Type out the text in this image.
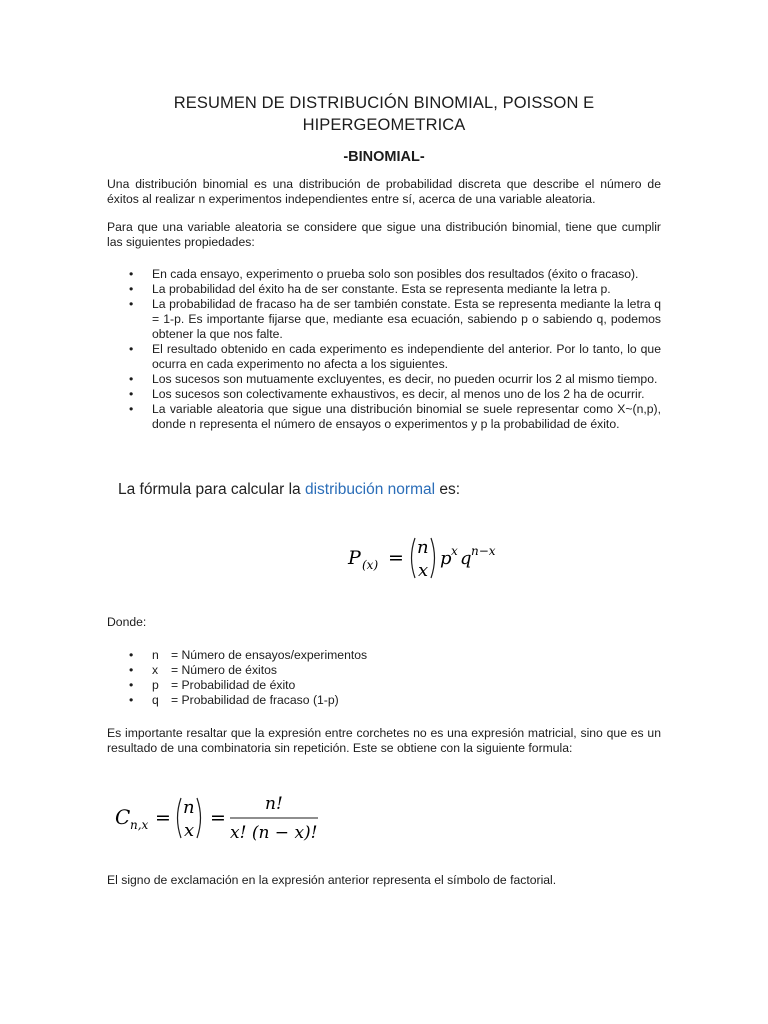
RESUMEN DE DISTRIBUCIÓN BINOMIAL, POISSON E
HIPERGEOMETRICA
-BINOMIAL-
Una distribución binomial es una distribución de probabilidad discreta que describe el número de éxitos al realizar n experimentos independientes entre sí, acerca de una variable aleatoria.
Para que una variable aleatoria se considere que sigue una distribución binomial, tiene que cumplir las siguientes propiedades:
• En cada ensayo, experimento o prueba solo son posibles dos resultados (éxito o fracaso).
• La probabilidad del éxito ha de ser constante. Esta se representa mediante la letra p.
• La probabilidad de fracaso ha de ser también constate. Esta se representa mediante la letra q = 1-p. Es importante fijarse que, mediante esa ecuación, sabiendo p o sabiendo q, podemos obtener la que nos falte.
• El resultado obtenido en cada experimento es independiente del anterior. Por lo tanto, lo que ocurra en cada experimento no afecta a los siguientes.
• Los sucesos son mutuamente excluyentes, es decir, no pueden ocurrir los 2 al mismo tiempo.
• Los sucesos son colectivamente exhaustivos, es decir, al menos uno de los 2 ha de ocurrir.
• La variable aleatoria que sigue una distribución binomial se suele representar como X~(n,p), donde n representa el número de ensayos o experimentos y p la probabilidad de éxito.
La fórmula para calcular la distribución normal es:
P (x) = n
x
p x q n−x
Donde:
• n = Número de ensayos/experimentos
• x = Número de éxitos
• p = Probabilidad de éxito
• q = Probabilidad de fracaso (1-p)
Es importante resaltar que la expresión entre corchetes no es una expresión matricial, sino que es un resultado de una combinatoria sin repetición. Este se obtiene con la siguiente formula:
C n,x = n
x
=
n!
x! (n − x)!
El signo de exclamación en la expresión anterior representa el símbolo de factorial.
